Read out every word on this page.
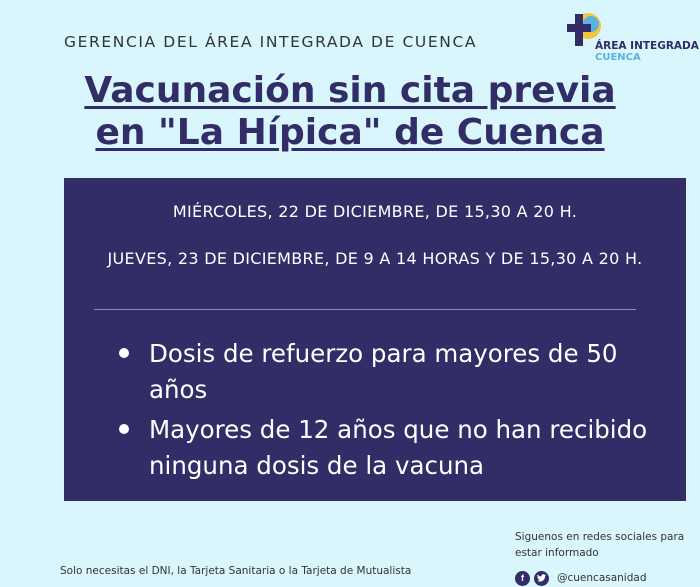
GERENCIA DEL ÁREA INTEGRADA DE CUENCA	ÁREA INTEGRADA
CUENCA
Vacunación sin cita previa
en "La Hípica" de Cuenca
MIÉRCOLES, 22 DE DICIEMBRE, DE 15,30 A 20 H.
JUEVES, 23 DE DICIEMBRE, DE 9 A 14 HORAS Y DE 15,30 A 20 H.
Dosis de refuerzo para mayores de 50 años
Mayores de 12 años que no han recibido ninguna dosis de la vacuna
Solo necesitas el DNI, la Tarjeta Sanitaria o la Tarjeta de Mutualista
Siguenos en redes sociales para estar informado
f	@cuencasanidad
